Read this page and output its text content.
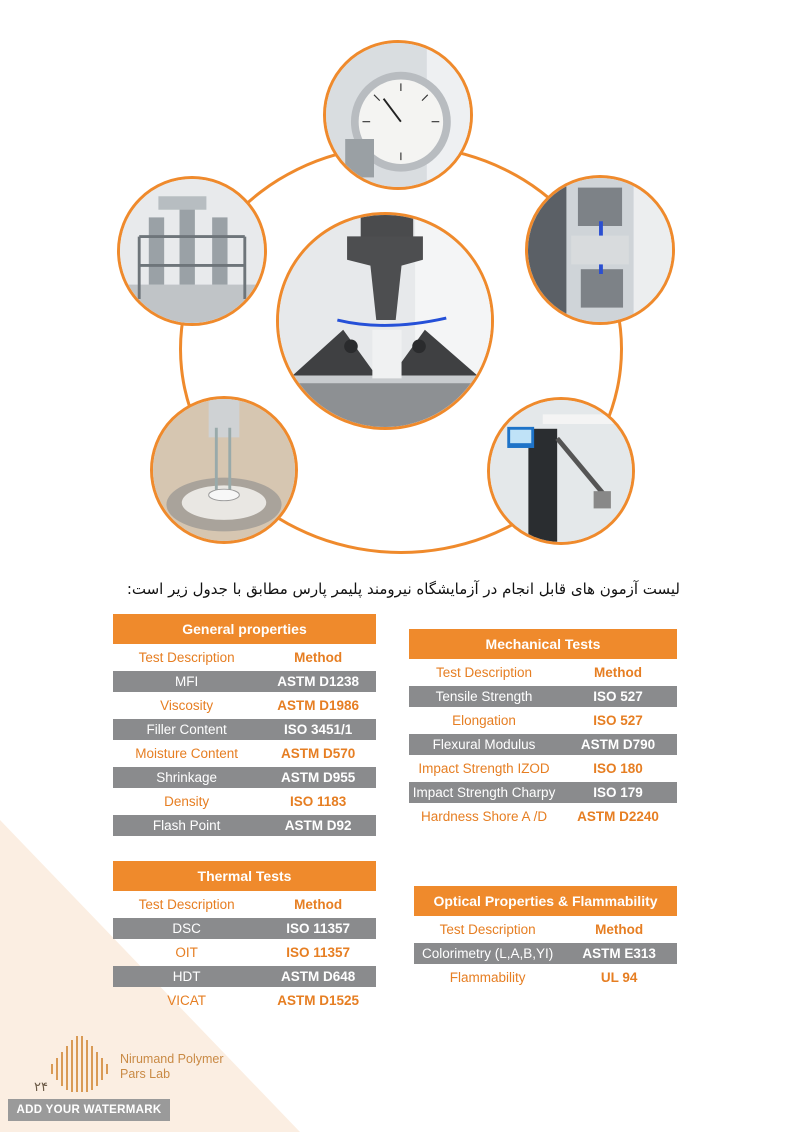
لیست آزمون های قابل انجام در آزمایشگاه نیرومند پلیمر پارس مطابق با جدول زیر است:
General properties
Test Description	Method
MFI	ASTM D1238
Viscosity	ASTM D1986
Filler Content	ISO 3451/1
Moisture Content	ASTM D570
Shrinkage	ASTM D955
Density	ISO 1183
Flash Point	ASTM D92
Mechanical Tests
Test Description	Method
Tensile Strength	ISO 527
Elongation	ISO 527
Flexural Modulus	ASTM D790
Impact Strength IZOD	ISO 180
Impact Strength Charpy	ISO 179
Hardness Shore A /D	ASTM D2240
Thermal Tests
Test Description	Method
DSC	ISO 11357
OIT	ISO 11357
HDT	ASTM D648
VICAT	ASTM D1525
Optical Properties & Flammability
Test Description	Method
Colorimetry (L,A,B,YI)	ASTM E313
Flammability	UL 94
Nirumand Polymer
Pars Lab
۲۴
ADD YOUR WATERMARK
